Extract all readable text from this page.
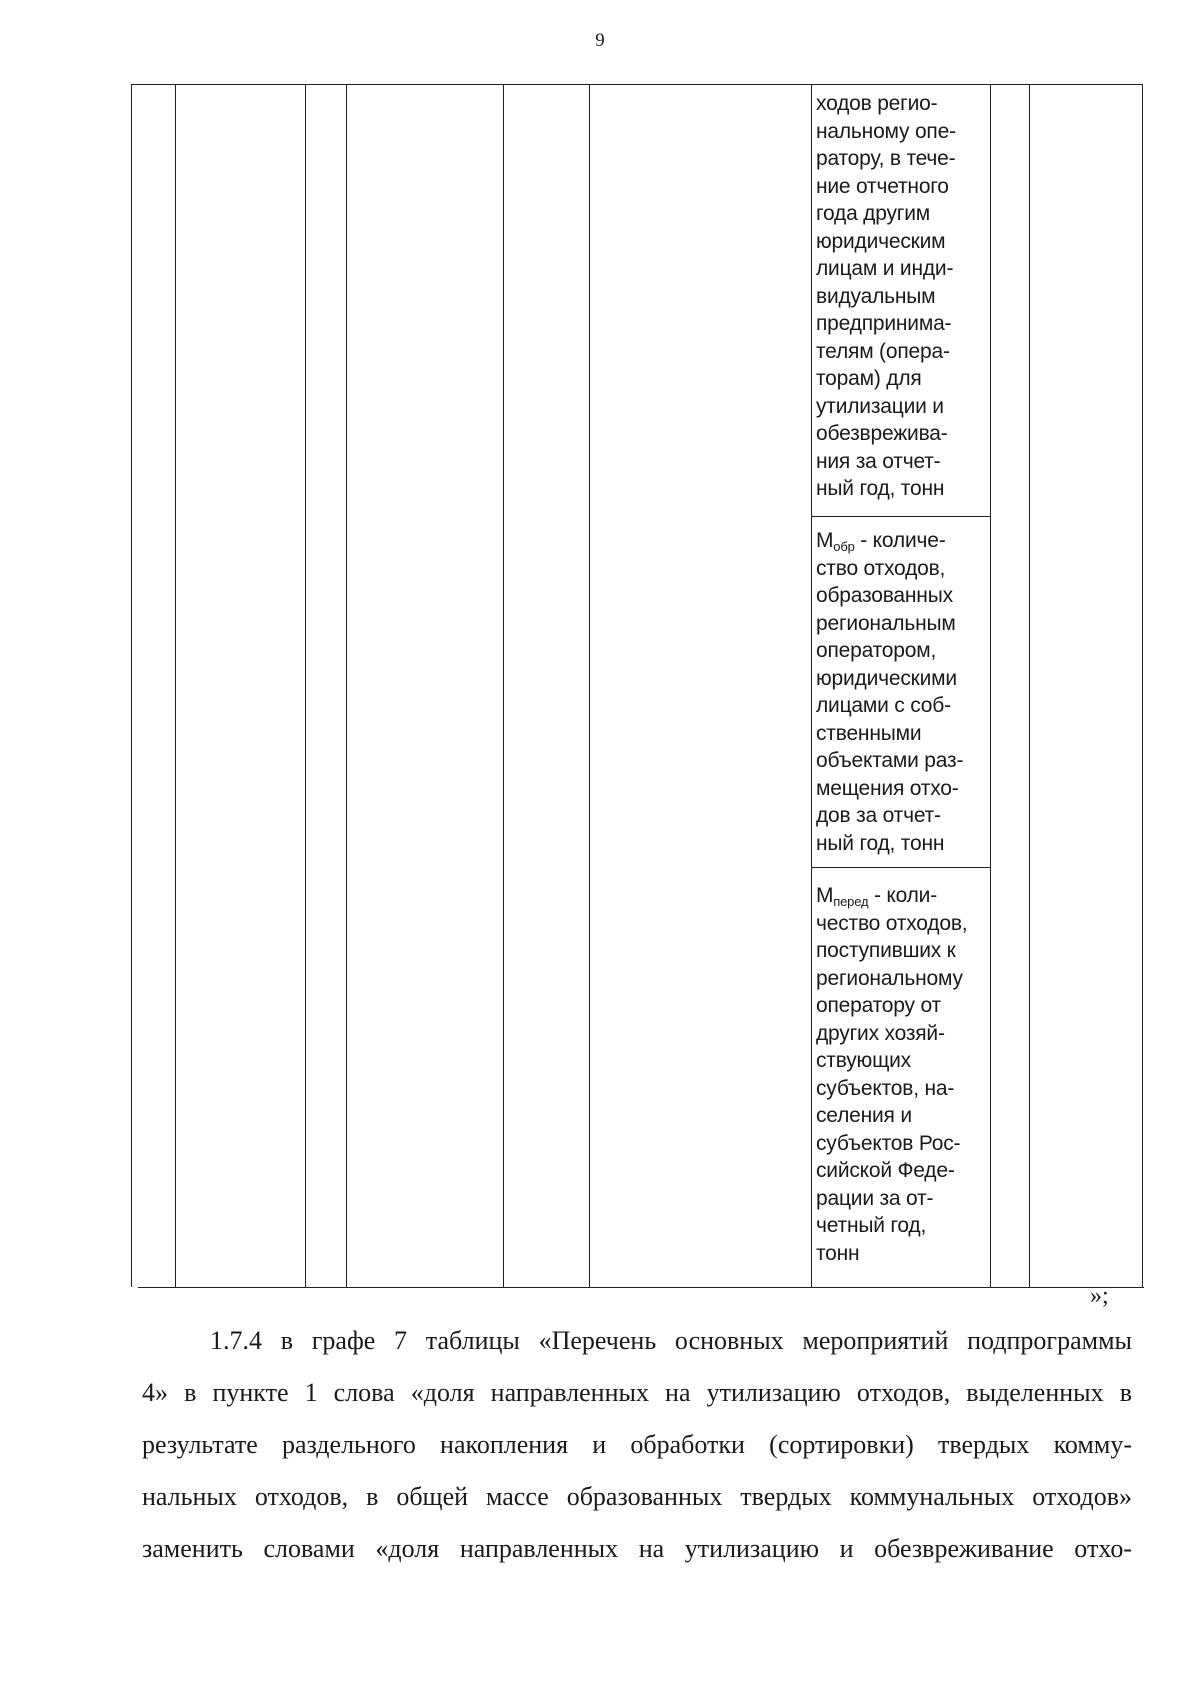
9
ходов регио-
нальному опе-
ратору, в тече-
ние отчетного
года другим
юридическим
лицам и инди-
видуальным
предпринима-
телям (опера-
торам) для
утилизации и
обезврежива-
ния за отчет-
ный год, тонн
$M_{обр}$ - количе-
ство отходов,
образованных
региональным
оператором,
юридическими
лицами с соб-
ственными
объектами раз-
мещения отхо-
дов за отчет-
ный год, тонн
$M_{перед}$ - коли-
чество отходов,
поступивших к
региональному
оператору от
других хозяй-
ствующих
субъектов, на-
селения и
субъектов Рос-
сийской Феде-
рации за от-
четный год,
тонн
»;
1.7.4 в графе 7 таблицы «Перечень основных мероприятий подпрограммы
4» в пункте 1 слова «доля направленных на утилизацию отходов, выделенных в
результате раздельного накопления и обработки (сортировки) твердых комму-
нальных отходов, в общей массе образованных твердых коммунальных отходов»
заменить словами «доля направленных на утилизацию и обезвреживание отхо-
